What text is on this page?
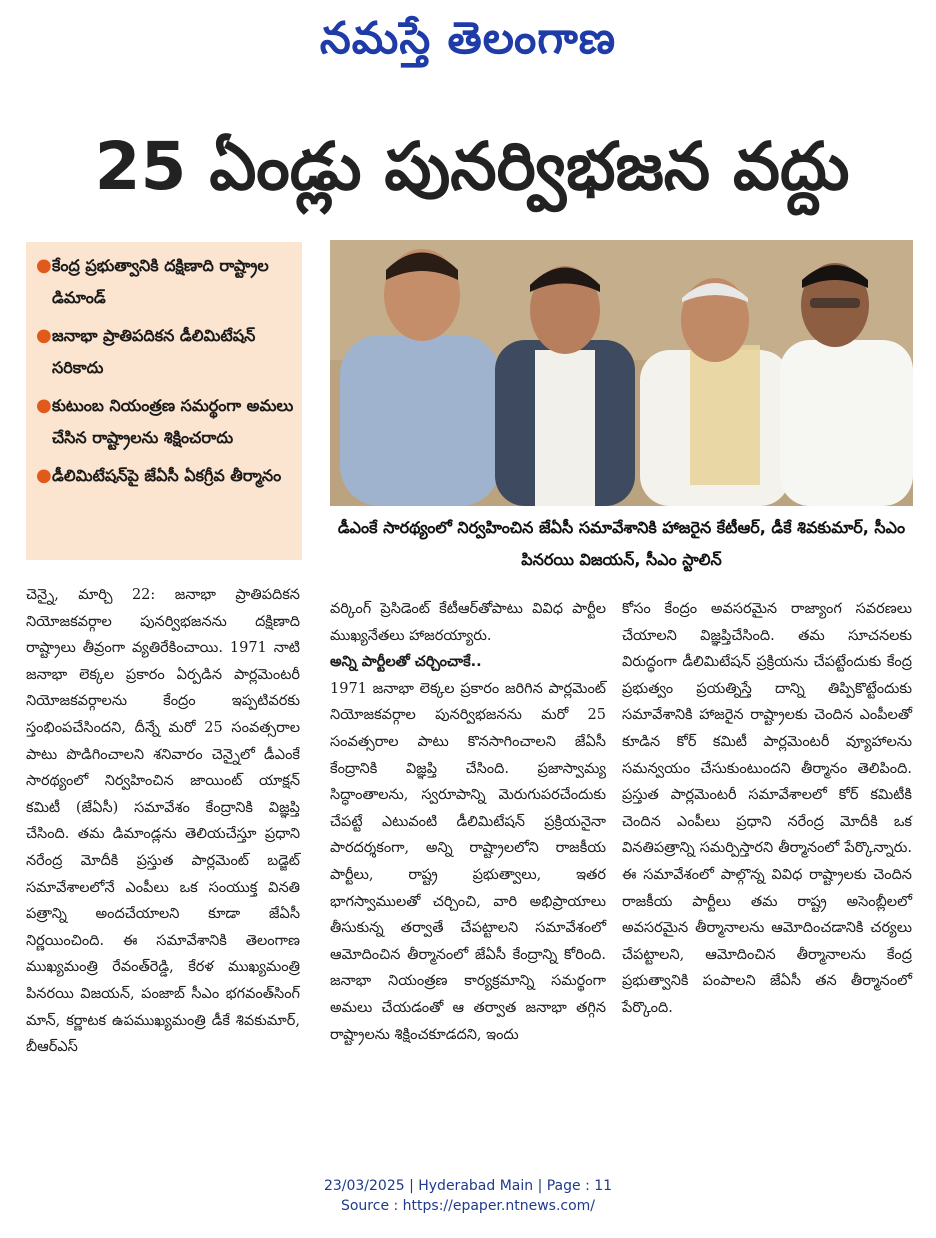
నమస్తే తెలంగాణ
25 ఏండ్లు పునర్విభజన వద్దు
● కేంద్ర ప్రభుత్వానికి దక్షిణాది రాష్ట్రాల డిమాండ్
● జనాభా ప్రాతిపదికన డీలిమిటేషన్ సరికాదు
● కుటుంబ నియంత్రణ సమర్థంగా అమలు చేసిన రాష్ట్రాలను శిక్షించరాదు
● డీలిమిటేషన్‌పై జేఏసీ ఏకగ్రీవ తీర్మానం
డీఎంకే సారథ్యంలో నిర్వహించిన జేఏసీ సమావేశానికి హాజరైన కేటీఆర్, డీకే శివకుమార్, సీఎం పినరయి విజయన్, సీఎం స్టాలిన్

చెన్నై, మార్చి 22: జనాభా ప్రాతిపదికన నియోజకవర్గాల పునర్విభజనను దక్షిణాది రాష్ట్రాలు తీవ్రంగా వ్యతిరేకించాయి. 1971 నాటి జనాభా లెక్కల ప్రకారం ఏర్పడిన పార్లమెంటరీ నియోజకవర్గాలను కేంద్రం ఇప్పటివరకు స్తంభింపచేసిందని, దీన్నే మరో 25 సంవత్సరాల పాటు పొడిగించాలని శనివారం చెన్నైలో డీఎంకే సారథ్యంలో నిర్వహించిన జాయింట్ యాక్షన్ కమిటీ (జేఏసీ) సమావేశం కేంద్రానికి విజ్ఞప్తి చేసింది. తమ డిమాండ్లను తెలియచేస్తూ ప్రధాని నరేంద్ర మోదీకి ప్రస్తుత పార్లమెంట్ బడ్జెట్ సమావేశాలలోనే ఎంపీలు ఒక సంయుక్త వినతి పత్రాన్ని అందచేయాలని కూడా జేఏసీ నిర్ణయించింది. ఈ సమావేశానికి తెలంగాణ ముఖ్యమంత్రి రేవంత్‌రెడ్డి, కేరళ ముఖ్యమంత్రి పినరయి విజయన్, పంజాబ్ సీఎం భగవంత్‌సింగ్ మాన్, కర్ణాటక ఉపముఖ్యమంత్రి డీకే శివకుమార్, బీఆర్‌ఎస్

వర్కింగ్ ప్రెసిడెంట్ కేటీఆర్‌తోపాటు వివిధ పార్టీల ముఖ్యనేతలు హాజరయ్యారు.

అన్ని పార్టీలతో చర్చించాకే..

1971 జనాభా లెక్కల ప్రకారం జరిగిన పార్లమెంట్ నియోజకవర్గాల పునర్విభజనను మరో 25 సంవత్సరాల పాటు కొనసాగించాలని జేఏసీ కేంద్రానికి విజ్ఞప్తి చేసింది. ప్రజాస్వామ్య సిద్ధాంతాలను, స్వరూపాన్ని మెరుగుపరచేందుకు చేపట్టే ఎటువంటి డీలిమిటేషన్ ప్రక్రియనైనా పారదర్శకంగా, అన్ని రాష్ట్రాలలోని రాజకీయ పార్టీలు, రాష్ట్ర ప్రభుత్వాలు, ఇతర భాగస్వాములతో చర్చించి, వారి అభిప్రాయాలు తీసుకున్న తర్వాతే చేపట్టాలని సమావేశంలో ఆమోదించిన తీర్మానంలో జేఏసీ కేంద్రాన్ని కోరింది. జనాభా నియంత్రణ కార్యక్రమాన్ని సమర్థంగా అమలు చేయడంతో ఆ తర్వాత జనాభా తగ్గిన రాష్ట్రాలను శిక్షించకూడదని, ఇందు

కోసం కేంద్రం అవసరమైన రాజ్యాంగ సవరణలు చేయాలని విజ్ఞప్తిచేసింది. తమ సూచనలకు విరుద్ధంగా డీలిమిటేషన్ ప్రక్రియను చేపట్టేందుకు కేంద్ర ప్రభుత్వం ప్రయత్నిస్తే దాన్ని తిప్పికొట్టేందుకు సమావేశానికి హాజరైన రాష్ట్రాలకు చెందిన ఎంపీలతో కూడిన కోర్ కమిటీ పార్లమెంటరీ వ్యూహాలను సమన్వయం చేసుకుంటుందని తీర్మానం తెలిపింది. ప్రస్తుత పార్లమెంటరీ సమావేశాలలో కోర్ కమిటీకి చెందిన ఎంపీలు ప్రధాని నరేంద్ర మోదీకి ఒక వినతిపత్రాన్ని సమర్పిస్తారని తీర్మానంలో పేర్కొన్నారు. ఈ సమావేశంలో పాల్గొన్న వివిధ రాష్ట్రాలకు చెందిన రాజకీయ పార్టీలు తమ రాష్ట్ర అసెంబ్లీలలో అవసరమైన తీర్మానాలను ఆమోదించడానికి చర్యలు చేపట్టాలని, ఆమోదించిన తీర్మానాలను కేంద్ర ప్రభుత్వానికి పంపాలని జేఏసీ తన తీర్మానంలో పేర్కొంది.

23/03/2025 | Hyderabad Main | Page : 11
Source : https://epaper.ntnews.com/
